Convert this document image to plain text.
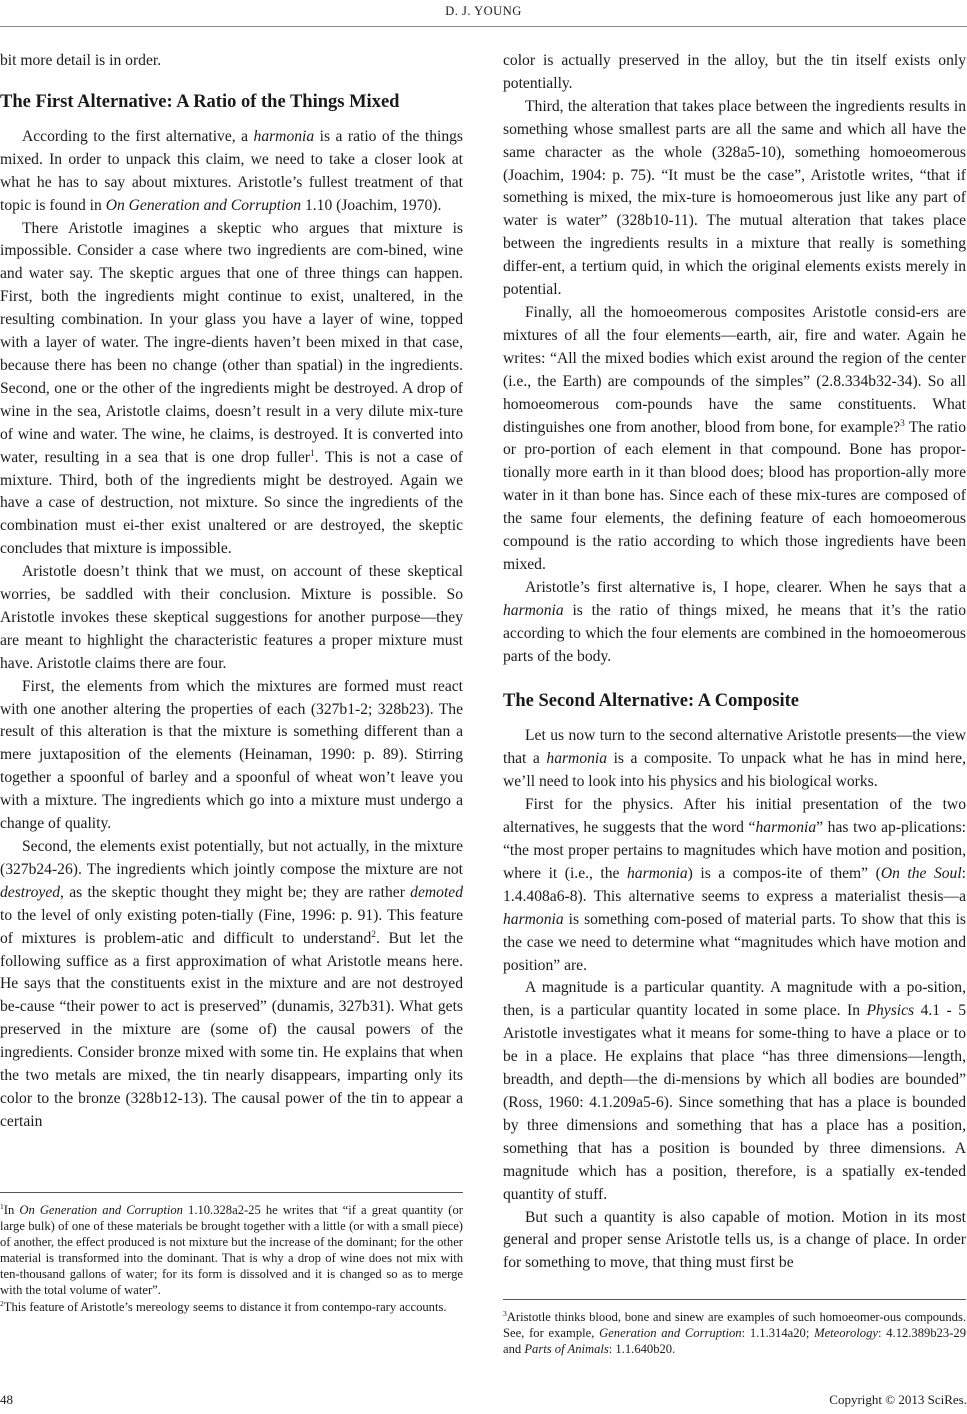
D. J. YOUNG

bit more detail is in order.

The First Alternative: A Ratio of the Things Mixed

According to the first alternative, a harmonia is a ratio of the things mixed. In order to unpack this claim, we need to take a closer look at what he has to say about mixtures. Aristotle’s fullest treatment of that topic is found in On Generation and Corruption 1.10 (Joachim, 1970).

There Aristotle imagines a skeptic who argues that mixture is impossible. Consider a case where two ingredients are com-bined, wine and water say. The skeptic argues that one of three things can happen. First, both the ingredients might continue to exist, unaltered, in the resulting combination. In your glass you have a layer of wine, topped with a layer of water. The ingre-dients haven’t been mixed in that case, because there has been no change (other than spatial) in the ingredients. Second, one or the other of the ingredients might be destroyed. A drop of wine in the sea, Aristotle claims, doesn’t result in a very dilute mix-ture of wine and water. The wine, he claims, is destroyed. It is converted into water, resulting in a sea that is one drop fuller$^1$. This is not a case of mixture. Third, both of the ingredients might be destroyed. Again we have a case of destruction, not mixture. So since the ingredients of the combination must ei-ther exist unaltered or are destroyed, the skeptic concludes that mixture is impossible.

Aristotle doesn’t think that we must, on account of these skeptical worries, be saddled with their conclusion. Mixture is possible. So Aristotle invokes these skeptical suggestions for another purpose—they are meant to highlight the characteristic features a proper mixture must have. Aristotle claims there are four.

First, the elements from which the mixtures are formed must react with one another altering the properties of each (327b1-2; 328b23). The result of this alteration is that the mixture is something different than a mere juxtaposition of the elements (Heinaman, 1990: p. 89). Stirring together a spoonful of barley and a spoonful of wheat won’t leave you with a mixture. The ingredients which go into a mixture must undergo a change of quality.

Second, the elements exist potentially, but not actually, in the mixture (327b24-26). The ingredients which jointly compose the mixture are not destroyed, as the skeptic thought they might be; they are rather demoted to the level of only existing poten-tially (Fine, 1996: p. 91). This feature of mixtures is problem-atic and difficult to understand$^2$. But let the following suffice as a first approximation of what Aristotle means here. He says that the constituents exist in the mixture and are not destroyed be-cause “their power to act is preserved” (dunamis, 327b31). What gets preserved in the mixture are (some of) the causal powers of the ingredients. Consider bronze mixed with some tin. He explains that when the two metals are mixed, the tin nearly disappears, imparting only its color to the bronze (328b12-13). The causal power of the tin to appear a certain

color is actually preserved in the alloy, but the tin itself exists only potentially.

Third, the alteration that takes place between the ingredients results in something whose smallest parts are all the same and which all have the same character as the whole (328a5-10), something homoeomerous (Joachim, 1904: p. 75). “It must be the case”, Aristotle writes, “that if something is mixed, the mix-ture is homoeomerous just like any part of water is water” (328b10-11). The mutual alteration that takes place between the ingredients results in a mixture that really is something differ-ent, a tertium quid, in which the original elements exists merely in potential.

Finally, all the homoeomerous composites Aristotle consid-ers are mixtures of all the four elements—earth, air, fire and water. Again he writes: “All the mixed bodies which exist around the region of the center (i.e., the Earth) are compounds of the simples” (2.8.334b32-34). So all homoeomerous com-pounds have the same constituents. What distinguishes one from another, blood from bone, for example?$^3$ The ratio or pro-portion of each element in that compound. Bone has propor-tionally more earth in it than blood does; blood has proportion-ally more water in it than bone has. Since each of these mix-tures are composed of the same four elements, the defining feature of each homoeomerous compound is the ratio according to which those ingredients have been mixed.

Aristotle’s first alternative is, I hope, clearer. When he says that a harmonia is the ratio of things mixed, he means that it’s the ratio according to which the four elements are combined in the homoeomerous parts of the body.

The Second Alternative: A Composite

Let us now turn to the second alternative Aristotle presents—the view that a harmonia is a composite. To unpack what he has in mind here, we’ll need to look into his physics and his biological works.

First for the physics. After his initial presentation of the two alternatives, he suggests that the word “harmonia” has two ap-plications: “the most proper pertains to magnitudes which have motion and position, where it (i.e., the harmonia) is a compos-ite of them” (On the Soul: 1.4.408a6-8). This alternative seems to express a materialist thesis—a harmonia is something com-posed of material parts. To show that this is the case we need to determine what “magnitudes which have motion and position” are.

A magnitude is a particular quantity. A magnitude with a po-sition, then, is a particular quantity located in some place. In Physics 4.1 - 5 Aristotle investigates what it means for some-thing to have a place or to be in a place. He explains that place “has three dimensions—length, breadth, and depth—the di-mensions by which all bodies are bounded” (Ross, 1960: 4.1.209a5-6). Since something that has a place is bounded by three dimensions and something that has a place has a position, something that has a position is bounded by three dimensions. A magnitude which has a position, therefore, is a spatially ex-tended quantity of stuff.

But such a quantity is also capable of motion. Motion in its most general and proper sense Aristotle tells us, is a change of place. In order for something to move, that thing must first be

$^1$In On Generation and Corruption 1.10.328a2-25 he writes that “if a great quantity (or large bulk) of one of these materials be brought together with a little (or with a small piece) of another, the effect produced is not mixture but the increase of the dominant; for the other material is transformed into the dominant. That is why a drop of wine does not mix with ten-thousand gallons of water; for its form is dissolved and it is changed so as to merge with the total volume of water”.

$^2$This feature of Aristotle’s mereology seems to distance it from contempo-rary accounts.	$^3$Aristotle thinks blood, bone and sinew are examples of such homoeomer-ous compounds. See, for example, Generation and Corruption: 1.1.314a20; Meteorology: 4.12.389b23-29 and Parts of Animals: 1.1.640b20.

48	Copyright © 2013 SciRes.
